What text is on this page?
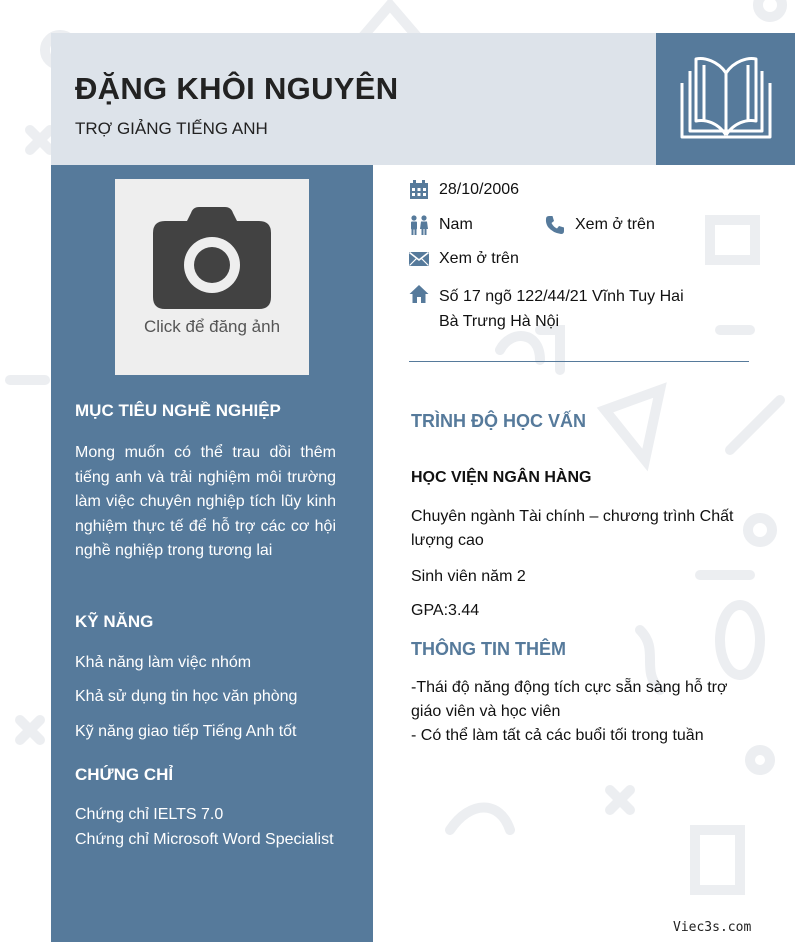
ĐẶNG KHÔI NGUYÊN
TRỢ GIẢNG TIẾNG ANH
Click để đăng ảnh
MỤC TIÊU NGHỀ NGHIỆP
Mong muốn có thể trau dồi thêm tiếng anh và trải nghiệm môi trường làm việc chuyên nghiệp tích lũy kinh nghiệm thực tế để hỗ trợ các cơ hội nghề nghiệp trong tương lai
KỸ NĂNG
Khả năng làm việc nhóm
Khả sử dụng tin học văn phòng
Kỹ năng giao tiếp Tiếng Anh tốt
CHỨNG CHỈ
Chứng chỉ IELTS 7.0
Chứng chỉ Microsoft Word Specialist
28/10/2006
Nam	Xem ở trên
Xem ở trên
Số 17 ngõ 122/44/21 Vĩnh Tuy Hai
Bà Trưng Hà Nội
TRÌNH ĐỘ HỌC VẤN
HỌC VIỆN NGÂN HÀNG
Chuyên ngành Tài chính – chương trình Chất lượng cao
Sinh viên năm 2
GPA:3.44
THÔNG TIN THÊM
-Thái độ năng động tích cực sẵn sàng hỗ trợ giáo viên và học viên
- Có thể làm tất cả các buổi tối trong tuần
Viec3s.com
